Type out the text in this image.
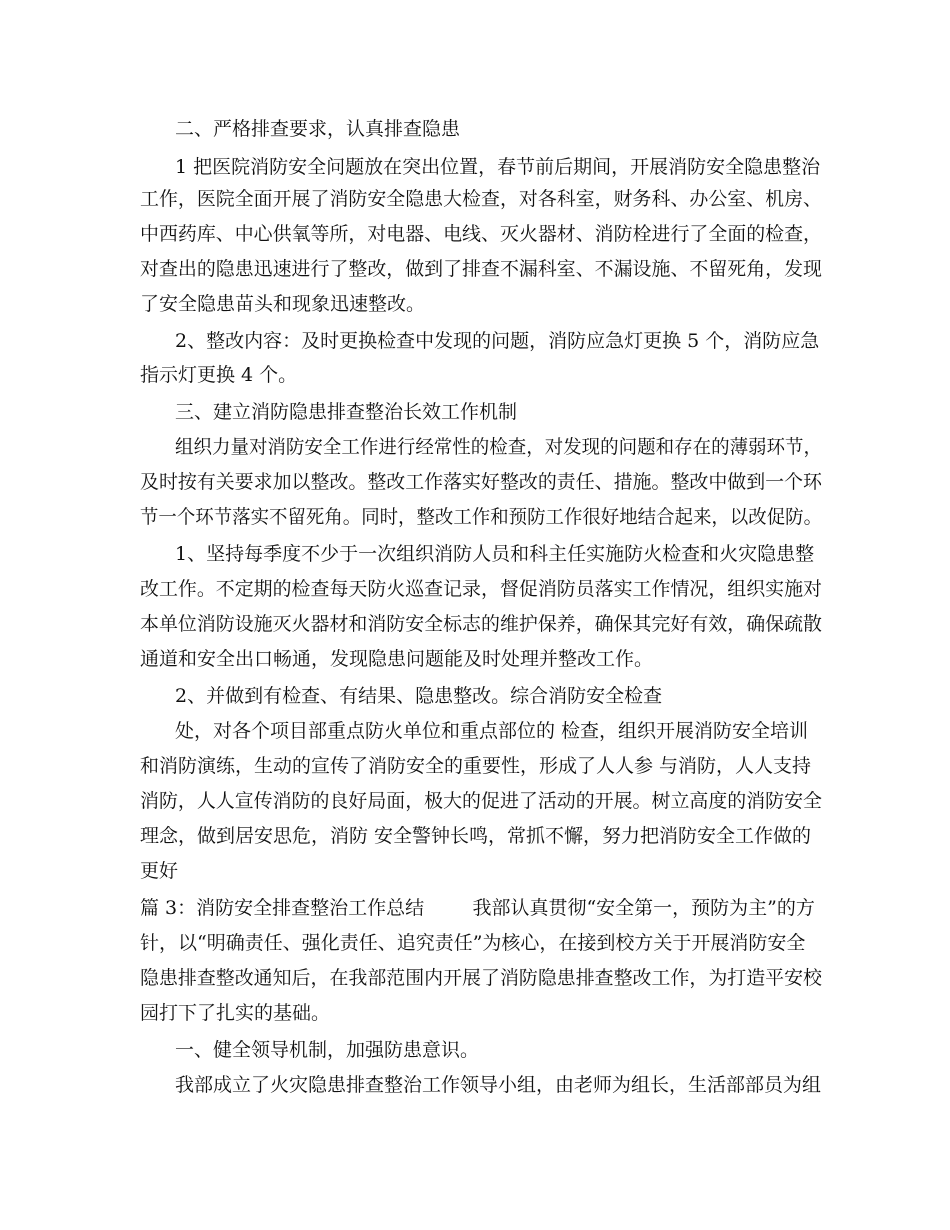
二、严格排查要求，认真排查隐患
1 把医院消防安全问题放在突出位置，春节前后期间，开展消防安全隐患整治
工作，医院全面开展了消防安全隐患大检查，对各科室，财务科、办公室、机房、
中西药库、中心供氧等所，对电器、电线、灭火器材、消防栓进行了全面的检查，
对查出的隐患迅速进行了整改，做到了排查不漏科室、不漏设施、不留死角，发现
了安全隐患苗头和现象迅速整改。
2、整改内容：及时更换检查中发现的问题，消防应急灯更换 5 个，消防应急
指示灯更换 4 个。
三、建立消防隐患排查整治长效工作机制
组织力量对消防安全工作进行经常性的检查，对发现的问题和存在的薄弱环节，
及时按有关要求加以整改。整改工作落实好整改的责任、措施。整改中做到一个环
节一个环节落实不留死角。同时，整改工作和预防工作很好地结合起来，以改促防。
1、坚持每季度不少于一次组织消防人员和科主任实施防火检查和火灾隐患整
改工作。不定期的检查每天防火巡查记录，督促消防员落实工作情况，组织实施对
本单位消防设施灭火器材和消防安全标志的维护保养，确保其完好有效，确保疏散
通道和安全出口畅通，发现隐患问题能及时处理并整改工作。
2、并做到有检查、有结果、隐患整改。综合消防安全检查
处，对各个项目部重点防火单位和重点部位的 检查，组织开展消防安全培训
和消防演练，生动的宣传了消防安全的重要性，形成了人人参 与消防，人人支持
消防，人人宣传消防的良好局面，极大的促进了活动的开展。树立高度的消防安全
理念，做到居安思危，消防 安全警钟长鸣，常抓不懈，努力把消防安全工作做的
更好
篇 3：消防安全排查整治工作总结        我部认真贯彻“安全第一，预防为主”的方
针，以“明确责任、强化责任、追究责任”为核心，在接到校方关于开展消防安全
隐患排查整改通知后，在我部范围内开展了消防隐患排查整改工作，为打造平安校
园打下了扎实的基础。
一、健全领导机制，加强防患意识。
我部成立了火灾隐患排查整治工作领导小组，由老师为组长，生活部部员为组
